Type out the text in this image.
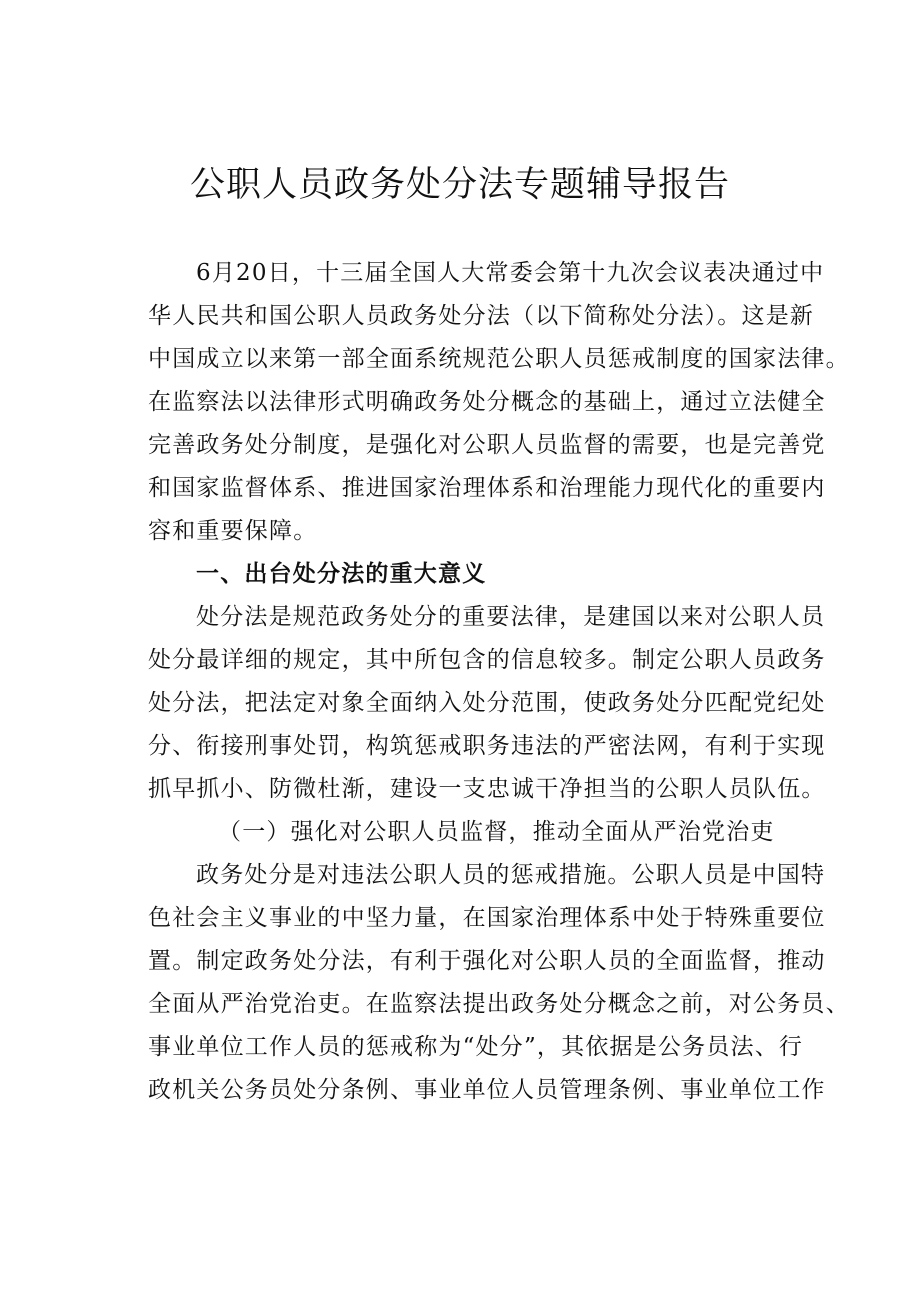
公职人员政务处分法专题辅导报告
6月20日，十三届全国人大常委会第十九次会议表决通过中
华人民共和国公职人员政务处分法（以下简称处分法）。这是新
中国成立以来第一部全面系统规范公职人员惩戒制度的国家法律。
在监察法以法律形式明确政务处分概念的基础上，通过立法健全
完善政务处分制度，是强化对公职人员监督的需要，也是完善党
和国家监督体系、推进国家治理体系和治理能力现代化的重要内
容和重要保障。
一、出台处分法的重大意义
处分法是规范政务处分的重要法律，是建国以来对公职人员
处分最详细的规定，其中所包含的信息较多。制定公职人员政务
处分法，把法定对象全面纳入处分范围，使政务处分匹配党纪处
分、衔接刑事处罚，构筑惩戒职务违法的严密法网，有利于实现
抓早抓小、防微杜渐，建设一支忠诚干净担当的公职人员队伍。
（一）强化对公职人员监督，推动全面从严治党治吏
政务处分是对违法公职人员的惩戒措施。公职人员是中国特
色社会主义事业的中坚力量，在国家治理体系中处于特殊重要位
置。制定政务处分法，有利于强化对公职人员的全面监督，推动
全面从严治党治吏。在监察法提出政务处分概念之前，对公务员、
事业单位工作人员的惩戒称为“处分”，其依据是公务员法、行
政机关公务员处分条例、事业单位人员管理条例、事业单位工作
